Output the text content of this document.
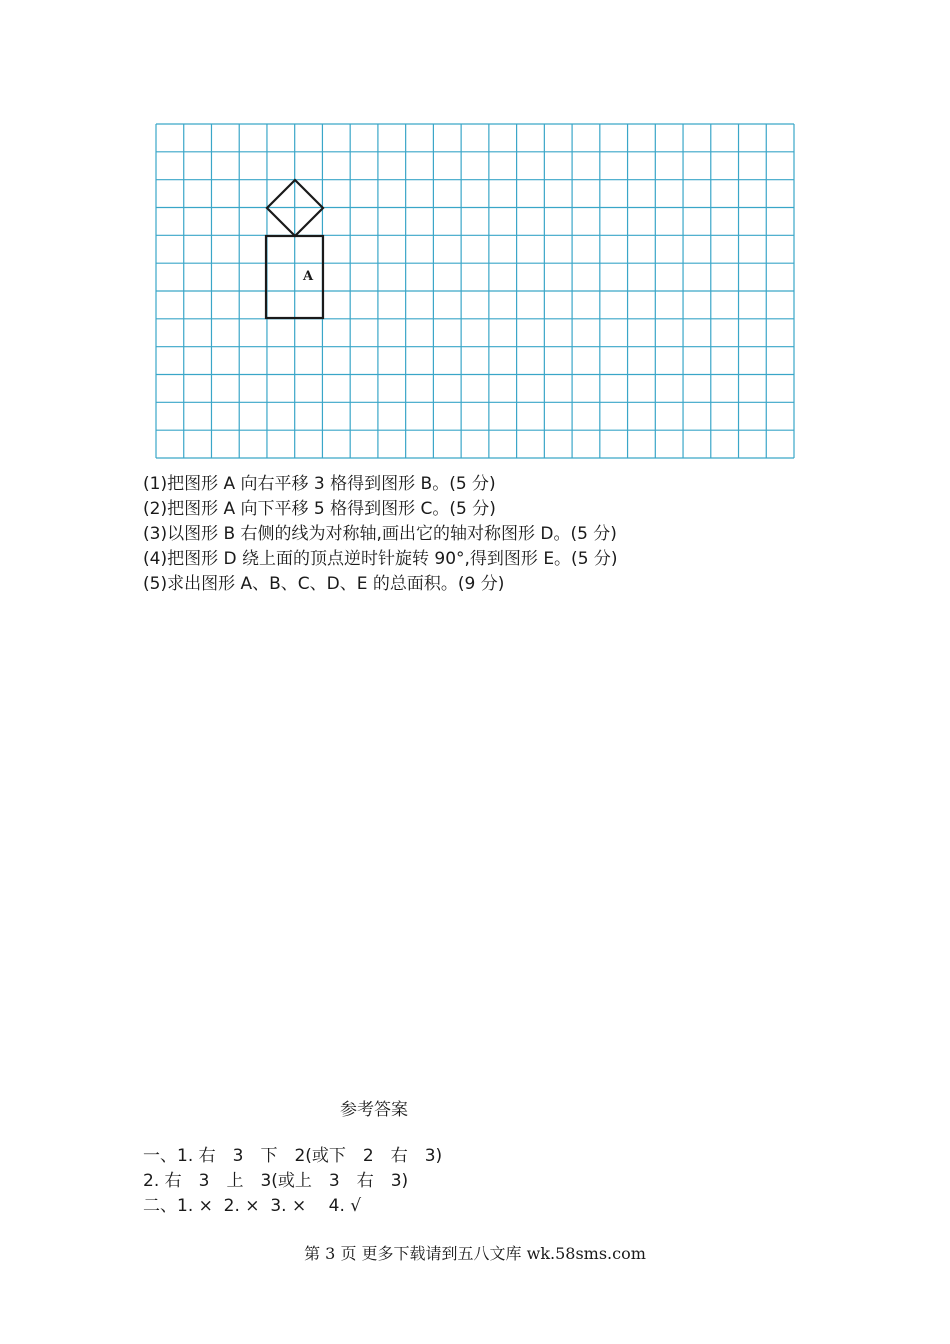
A
(1)把图形 A 向右平移 3 格得到图形 B。(5 分)
(2)把图形 A 向下平移 5 格得到图形 C。(5 分)
(3)以图形 B 右侧的线为对称轴,画出它的轴对称图形 D。(5 分)
(4)把图形 D 绕上面的顶点逆时针旋转 90°,得到图形 E。(5 分)
(5)求出图形 A、B、C、D、E 的总面积。(9 分)
参考答案
一、1. 右　3　下　2(或下　2　右　3)
2. 右　3　上　3(或上　3　右　3)
二、1. ×  2. ×  3. ×　 4. √
第 3 页 更多下载请到五八文库 wk.58sms.com
